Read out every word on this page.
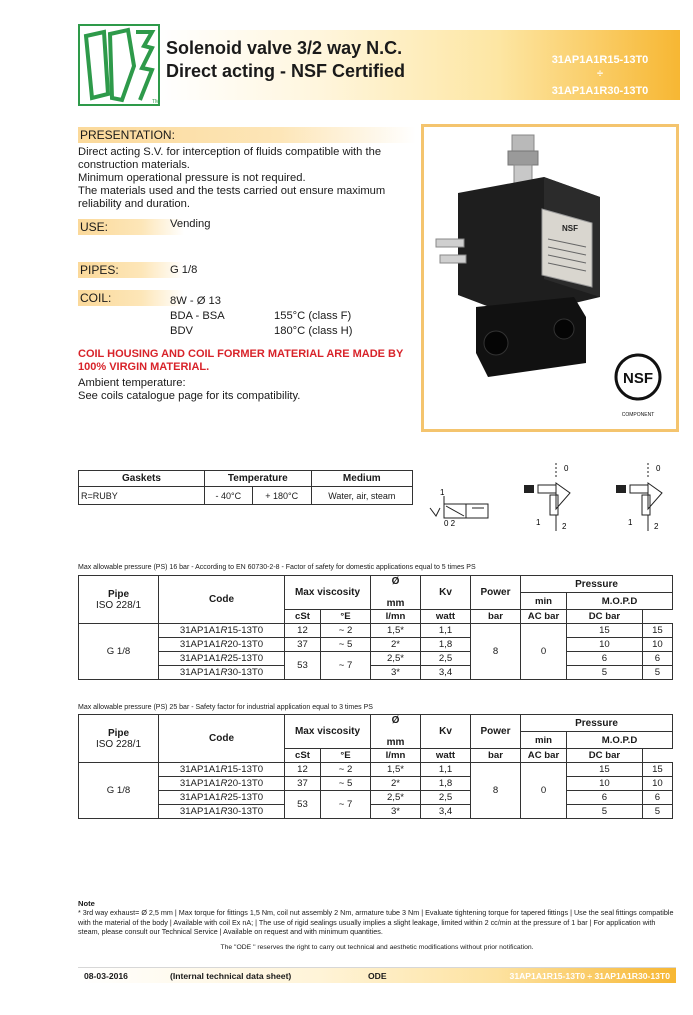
TM
Solenoid valve 3/2 way N.C.
Direct acting - NSF Certified
31AP1A1R15-13T0
÷
31AP1A1R30-13T0
PRESENTATION:
Direct acting S.V. for interception of fluids compatible with the construction materials.
Minimum operational pressure is not required.
The materials used and the tests carried out ensure maximum reliability and duration.
USE:	Vending
PIPES:	G 1/8
COIL:	8W - Ø 13
BDA - BSA	155°C (class F)
BDV	180°C (class H)
COIL HOUSING AND COIL FORMER MATERIAL ARE MADE BY 100% VIRGIN MATERIAL.
Ambient temperature:
See coils catalogue page for its compatibility.
NSF
NSF
COMPONENT
Gaskets	Temperature		Medium
R=RUBY	- 40°C	+ 180°C	Water, air, steam	1
0 2
0
1	2
0
1	2
Max allowable pressure (PS) 16 bar - According to EN 60730-2-8 - Factor of safety for domestic applications equal to 5 times PS
Pipe
ISO 228/1	Code	Max viscosity		Ø

mm	Kv	Power	Pressure		
							min	M.O.P.D	
		cSt	°E	l/mn	watt	bar	AC bar	DC bar	
G 1/8	31AP1A1R15-13T0	12	~ 2	1,5*	1,1	8	0	15	15
	31AP1A1R20-13T0	37	~ 5	2*	1,8			10	10
	31AP1A1R25-13T0	53	~ 7	2,5*	2,5			6	6
	31AP1A1R30-13T0			3*	3,4			5	5
Max allowable pressure (PS) 25 bar - Safety factor for industrial application equal to 3 times PS
Pipe
ISO 228/1	Code	Max viscosity		Ø

mm	Kv	Power	Pressure		
							min	M.O.P.D	
		cSt	°E	l/mn	watt	bar	AC bar	DC bar	
G 1/8	31AP1A1R15-13T0	12	~ 2	1,5*	1,1	8	0	15	15
	31AP1A1R20-13T0	37	~ 5	2*	1,8			10	10
	31AP1A1R25-13T0	53	~ 7	2,5*	2,5			6	6
	31AP1A1R30-13T0			3*	3,4			5	5
Note
* 3rd way exhaust= Ø 2,5 mm | Max torque for fittings 1,5 Nm, coil nut assembly 2 Nm, armature tube 3 Nm | Evaluate tightening torque for tapered fittings | Use the seal fittings compatible with the material of the body | Available with coil Ex nA; | The use of rigid sealings usually implies a slight leakage, limited within 2 cc/min at the pressure of 1 bar | For application with steam, please consult our Technical Service | Available on request and with minimum quantities.
The "ODE " reserves the right to carry out technical and aesthetic modifications without prior notification.
08-03-2016	(Internal technical data sheet)	ODE	31AP1A1R15-13T0 ÷ 31AP1A1R30-13T0
